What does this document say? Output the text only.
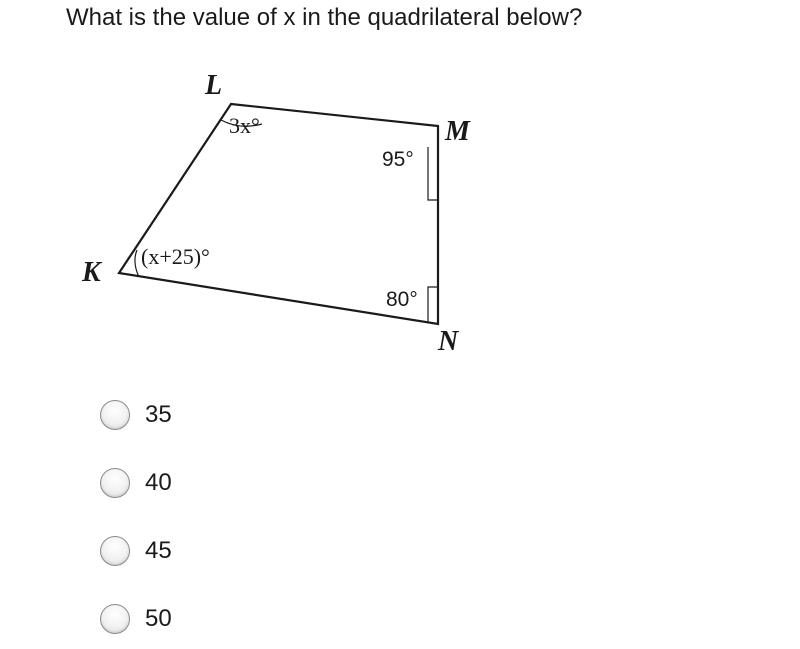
What is the value of x in the quadrilateral below?
L
M
N
K
3x°
95°
80°
(x+25)°
35
40
45
50
